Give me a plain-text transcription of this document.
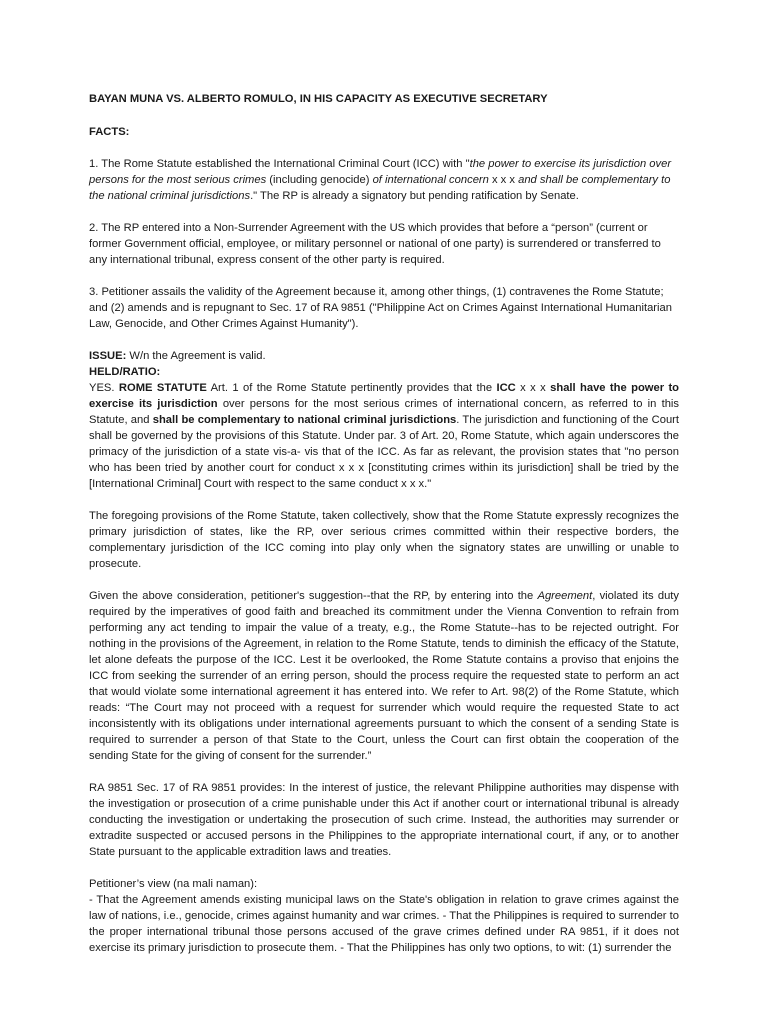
BAYAN MUNA VS. ALBERTO ROMULO, IN HIS CAPACITY AS EXECUTIVE SECRETARY
FACTS:

1. The Rome Statute established the International Criminal Court (ICC) with "the power to exercise its jurisdiction over persons for the most serious crimes (including genocide) of international concern x x x and shall be complementary to the national criminal jurisdictions." The RP is already a signatory but pending ratification by Senate.

2. The RP entered into a Non-Surrender Agreement with the US which provides that before a “person” (current or former Government official, employee, or military personnel or national of one party) is surrendered or transferred to any international tribunal, express consent of the other party is required.

3. Petitioner assails the validity of the Agreement because it, among other things, (1) contravenes the Rome Statute; and (2) amends and is repugnant to Sec. 17 of RA 9851 ("Philippine Act on Crimes Against International Humanitarian Law, Genocide, and Other Crimes Against Humanity").

ISSUE: W/n the Agreement is valid.
HELD/RATIO:

YES. ROME STATUTE Art. 1 of the Rome Statute pertinently provides that the ICC x x x shall have the power to exercise its jurisdiction over persons for the most serious crimes of international concern, as referred to in this Statute, and shall be complementary to national criminal jurisdictions. The jurisdiction and functioning of the Court shall be governed by the provisions of this Statute. Under par. 3 of Art. 20, Rome Statute, which again underscores the primacy of the jurisdiction of a state vis-a- vis that of the ICC. As far as relevant, the provision states that "no person who has been tried by another court for conduct x x x [constituting crimes within its jurisdiction] shall be tried by the [International Criminal] Court with respect to the same conduct x x x."

The foregoing provisions of the Rome Statute, taken collectively, show that the Rome Statute expressly recognizes the primary jurisdiction of states, like the RP, over serious crimes committed within their respective borders, the complementary jurisdiction of the ICC coming into play only when the signatory states are unwilling or unable to prosecute.

Given the above consideration, petitioner's suggestion--that the RP, by entering into the Agreement, violated its duty required by the imperatives of good faith and breached its commitment under the Vienna Convention to refrain from performing any act tending to impair the value of a treaty, e.g., the Rome Statute--has to be rejected outright. For nothing in the provisions of the Agreement, in relation to the Rome Statute, tends to diminish the efficacy of the Statute, let alone defeats the purpose of the ICC. Lest it be overlooked, the Rome Statute contains a proviso that enjoins the ICC from seeking the surrender of an erring person, should the process require the requested state to perform an act that would violate some international agreement it has entered into. We refer to Art. 98(2) of the Rome Statute, which reads: “The Court may not proceed with a request for surrender which would require the requested State to act inconsistently with its obligations under international agreements pursuant to which the consent of a sending State is required to surrender a person of that State to the Court, unless the Court can first obtain the cooperation of the sending State for the giving of consent for the surrender.”

RA 9851 Sec. 17 of RA 9851 provides: In the interest of justice, the relevant Philippine authorities may dispense with the investigation or prosecution of a crime punishable under this Act if another court or international tribunal is already conducting the investigation or undertaking the prosecution of such crime. Instead, the authorities may surrender or extradite suspected or accused persons in the Philippines to the appropriate international court, if any, or to another State pursuant to the applicable extradition laws and treaties.

Petitioner’s view (na mali naman):

- That the Agreement amends existing municipal laws on the State's obligation in relation to grave crimes against the law of nations, i.e., genocide, crimes against humanity and war crimes. - That the Philippines is required to surrender to the proper international tribunal those persons accused of the grave crimes defined under RA 9851, if it does not exercise its primary jurisdiction to prosecute them. - That the Philippines has only two options, to wit: (1) surrender the
